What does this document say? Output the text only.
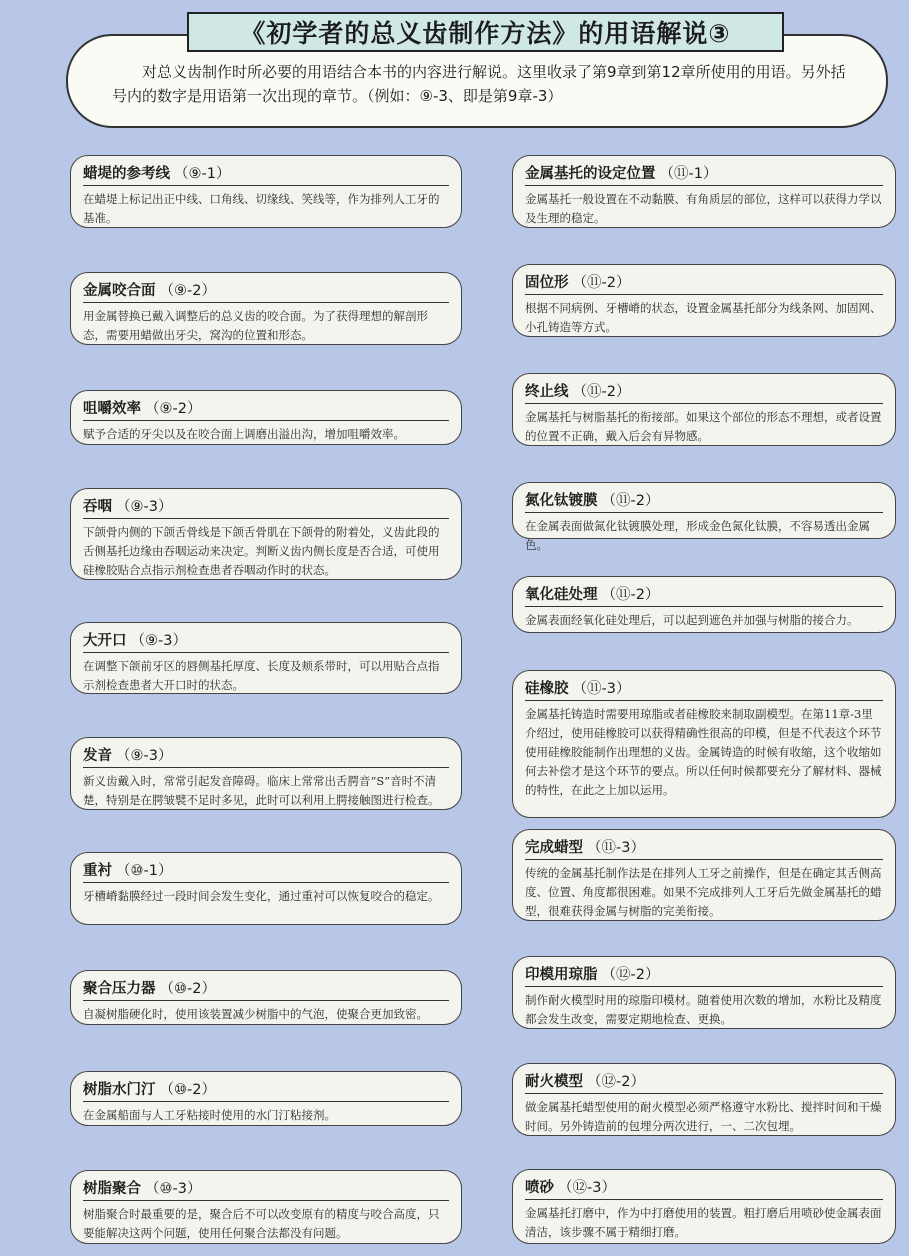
《初学者的总义齿制作方法》的用语解说③

对总义齿制作时所必要的用语结合本书的内容进行解说。这里收录了第9章到第12章所使用的用语。另外括号内的数字是用语第一次出现的章节。（例如：⑨-3、即是第9章-3）

蜡堤的参考线 （⑨-1）
在蜡堤上标记出正中线、口角线、切缘线、笑线等，作为排列人工牙的基准。
金属咬合面 （⑨-2）
用金属替换已戴入调整后的总义齿的咬合面。为了获得理想的解剖形态，需要用蜡做出牙尖，窝沟的位置和形态。
咀嚼效率 （⑨-2）
赋予合适的牙尖以及在咬合面上调磨出溢出沟，增加咀嚼效率。
吞咽 （⑨-3）
下颌骨内侧的下颌舌骨线是下颌舌骨肌在下颌骨的附着处，义齿此段的舌侧基托边缘由吞咽运动来决定。判断义齿内侧长度是否合适，可使用硅橡胶贴合点指示剂检查患者吞咽动作时的状态。
大开口 （⑨-3）
在调整下颌前牙区的唇侧基托厚度、长度及颊系带时，可以用贴合点指示剂检查患者大开口时的状态。
发音 （⑨-3）
新义齿戴入时，常常引起发音障碍。临床上常常出舌腭音“S”音时不清楚，特别是在腭皱襞不足时多见，此时可以利用上腭接触图进行检查。
重衬 （⑩-1）
牙槽嵴黏膜经过一段时间会发生变化，通过重衬可以恢复咬合的稳定。
聚合压力器 （⑩-2）
自凝树脂硬化时，使用该装置减少树脂中的气泡，使聚合更加致密。
树脂水门汀 （⑩-2）
在金属船面与人工牙粘接时使用的水门汀粘接剂。
树脂聚合 （⑩-3）
树脂聚合时最重要的是，聚合后不可以改变原有的精度与咬合高度，只要能解决这两个问题，使用任何聚合法都没有问题。
金属基托的设定位置 （⑪-1）
金属基托一般设置在不动黏膜、有角质层的部位，这样可以获得力学以及生理的稳定。
固位形 （⑪-2）
根据不同病例、牙槽嵴的状态，设置金属基托部分为线条网、加固网、小孔铸造等方式。
终止线 （⑪-2）
金属基托与树脂基托的衔接部。如果这个部位的形态不理想，或者设置的位置不正确，戴入后会有异物感。
氮化钛镀膜 （⑪-2）
在金属表面做氮化钛镀膜处理，形成金色氮化钛膜，不容易透出金属色。
氧化硅处理 （⑪-2）
金属表面经氧化硅处理后，可以起到遮色并加强与树脂的接合力。
硅橡胶 （⑪-3）
金属基托铸造时需要用琼脂或者硅橡胶来制取副模型。在第11章-3里介绍过，使用硅橡胶可以获得精确性很高的印模，但是不代表这个环节使用硅橡胶能制作出理想的义齿。金属铸造的时候有收缩，这个收缩如何去补偿才是这个环节的要点。所以任何时候都要充分了解材料、器械的特性，在此之上加以运用。
完成蜡型 （⑪-3）
传统的金属基托制作法是在排列人工牙之前操作，但是在确定其舌侧高度、位置、角度都很困难。如果不完成排列人工牙后先做金属基托的蜡型，很难获得金属与树脂的完美衔接。
印模用琼脂 （⑫-2）
制作耐火模型时用的琼脂印模材。随着使用次数的增加，水粉比及精度都会发生改变，需要定期地检查、更换。
耐火模型 （⑫-2）
做金属基托蜡型使用的耐火模型必须严格遵守水粉比、搅拌时间和干燥时间。另外铸造前的包埋分两次进行，一、二次包埋。
喷砂 （⑫-3）
金属基托打磨中，作为中打磨使用的装置。粗打磨后用喷砂使金属表面清洁，该步骤不属于精细打磨。
